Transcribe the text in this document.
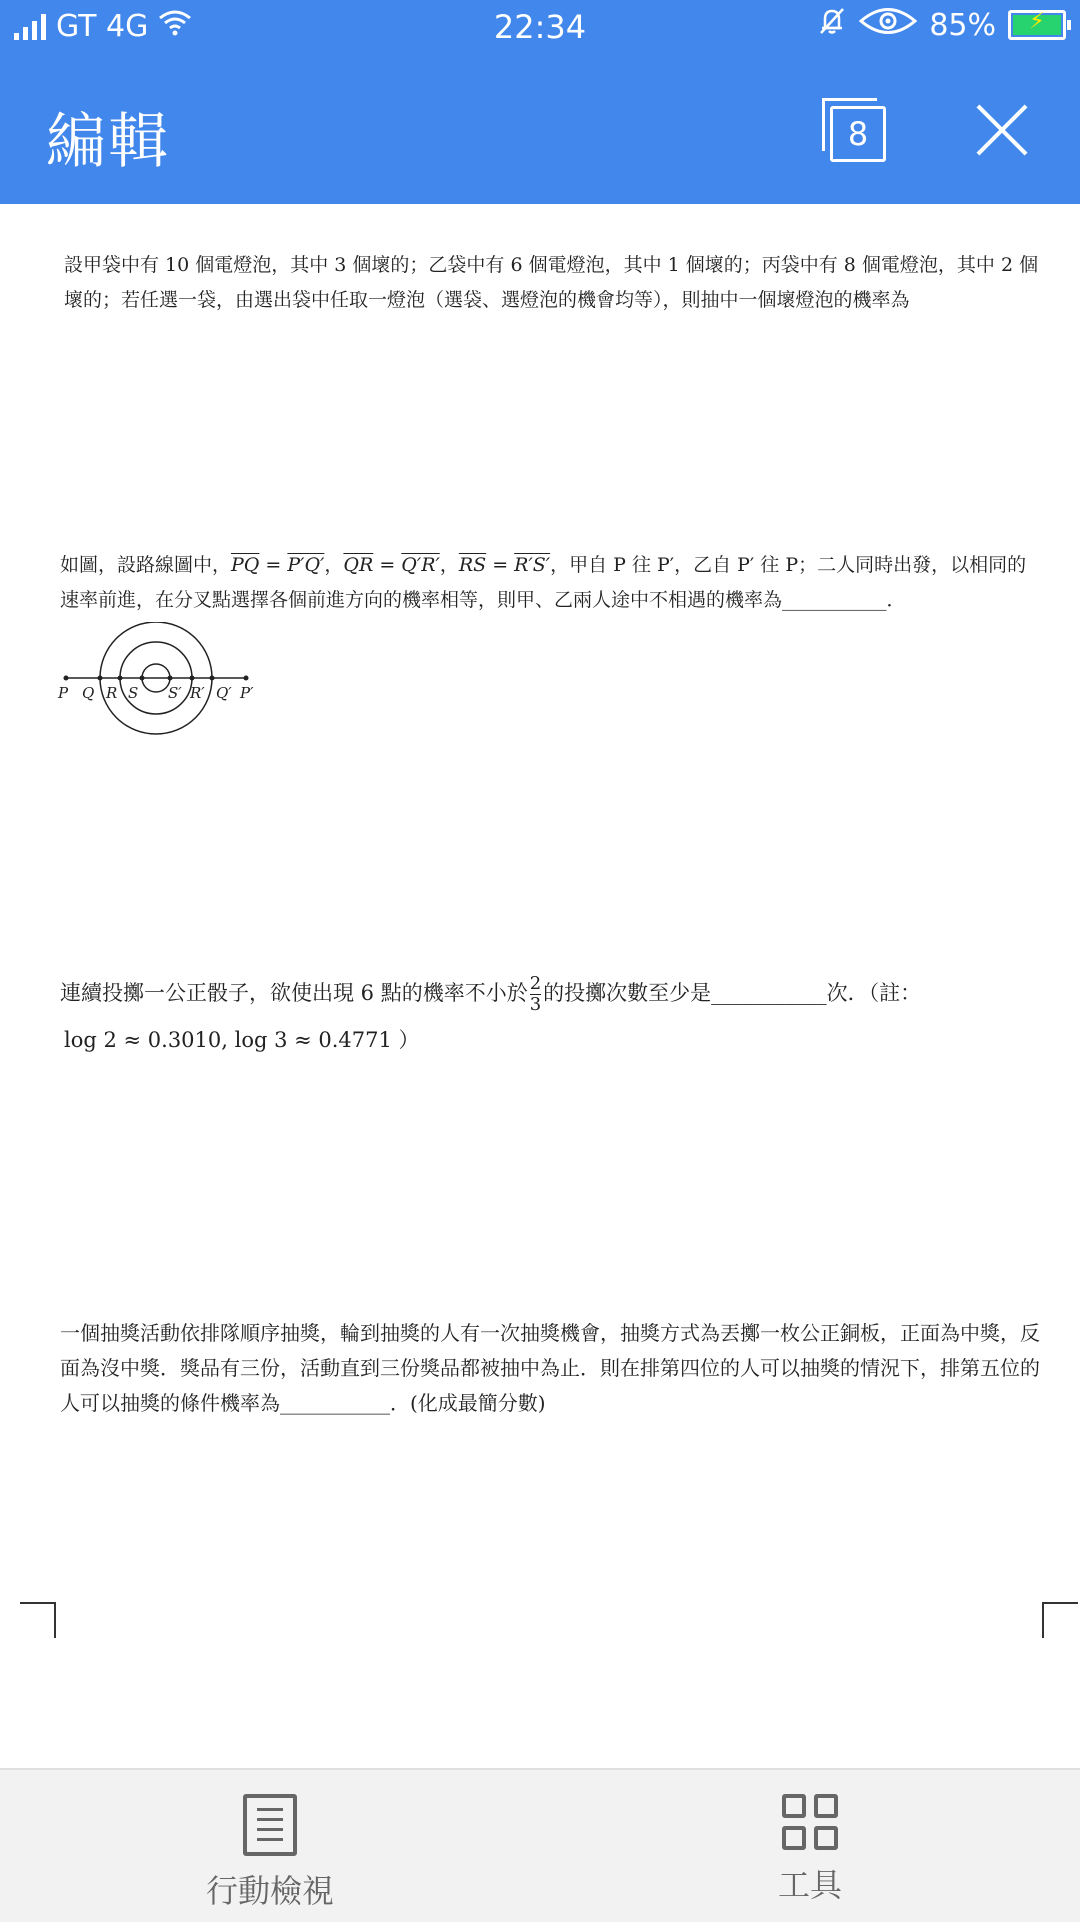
GT 4G	22:34	85%	⚡
編輯	8
設甲袋中有 10 個電燈泡，其中 3 個壞的；乙袋中有 6 個電燈泡，其中 1 個壞的；丙袋中有 8 個電燈泡，其中 2 個壞的；若任選一袋，由選出袋中任取一燈泡（選袋、選燈泡的機會均等），則抽中一個壞燈泡的機率為
如圖，設路線圖中，$\overline{PQ} = P'Q'$，$\overline{QR} = Q'R'$，$\overline{RS} = R'S'$，甲自 P 往 P′，乙自 P′ 往 P；二人同時出發，以相同的速率前進，在分叉點選擇各個前進方向的機率相等，則甲、乙兩人途中不相遇的機率為___________．
P Q R S S′ R′ Q′ P′
連續投擲一公正骰子，欲使出現 6 點的機率不小於 $\frac{2}{3}$ 的投擲次數至少是___________次．（註：
log 2 ≈ 0.3010, log 3 ≈ 0.4771 ）
一個抽獎活動依排隊順序抽獎，輪到抽獎的人有一次抽獎機會，抽獎方式為丟擲一枚公正銅板，正面為中獎，反面為沒中獎．獎品有三份，活動直到三份獎品都被抽中為止．則在排第四位的人可以抽獎的情況下，排第五位的人可以抽獎的條件機率為___________．(化成最簡分數)
行動檢視	工具
